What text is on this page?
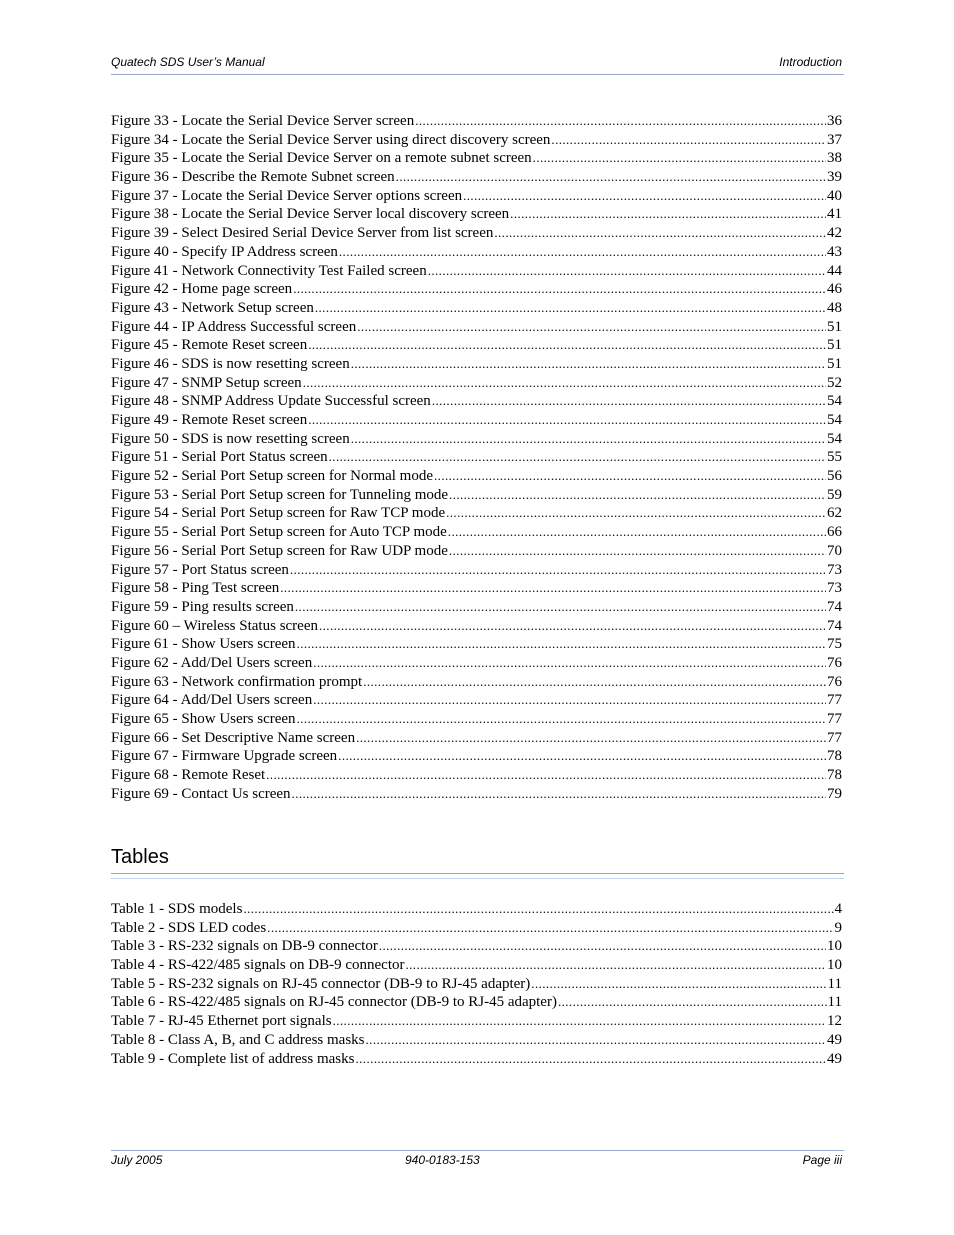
Quatech SDS User’s Manual	Introduction
Figure 33 - Locate the Serial Device Server screen .....	36
Figure 34 - Locate the Serial Device Server using direct discovery screen .....	37
Figure 35 - Locate the Serial Device Server on a remote subnet screen .....	38
Figure 36 - Describe the Remote Subnet screen .....	39
Figure 37 - Locate the Serial Device Server options screen .....	40
Figure 38 - Locate the Serial Device Server local discovery screen .....	41
Figure 39 - Select Desired Serial Device Server from list screen .....	42
Figure 40 - Specify IP Address screen .....	43
Figure 41 - Network Connectivity Test Failed screen .....	44
Figure 42 - Home page screen .....	46
Figure 43 - Network Setup screen .....	48
Figure 44 - IP Address Successful screen .....	51
Figure 45 - Remote Reset screen .....	51
Figure 46 - SDS is now resetting screen .....	51
Figure 47 - SNMP Setup screen .....	52
Figure 48 - SNMP Address Update Successful screen .....	54
Figure 49 - Remote Reset screen .....	54
Figure 50 - SDS is now resetting screen .....	54
Figure 51 - Serial Port Status screen .....	55
Figure 52 - Serial Port Setup screen for Normal mode .....	56
Figure 53 - Serial Port Setup screen for Tunneling mode .....	59
Figure 54 - Serial Port Setup screen for Raw TCP mode .....	62
Figure 55 - Serial Port Setup screen for Auto TCP mode .....	66
Figure 56 - Serial Port Setup screen for Raw UDP mode .....	70
Figure 57 - Port Status screen .....	73
Figure 58 - Ping Test screen .....	73
Figure 59 - Ping results screen .....	74
Figure 60 – Wireless Status screen .....	74
Figure 61 - Show Users screen .....	75
Figure 62 - Add/Del Users screen .....	76
Figure 63 - Network confirmation prompt .....	76
Figure 64 - Add/Del Users screen .....	77
Figure 65 - Show Users screen .....	77
Figure 66 - Set Descriptive Name screen .....	77
Figure 67 - Firmware Upgrade screen .....	78
Figure 68 - Remote Reset .....	78
Figure 69 - Contact Us screen .....	79
Tables
Table 1 - SDS models .....	4
Table 2 - SDS LED codes .....	9
Table 3 - RS-232 signals on DB-9 connector .....	10
Table 4 - RS-422/485 signals on DB-9 connector .....	10
Table 5 - RS-232 signals on RJ-45 connector (DB-9 to RJ-45 adapter) .....	11
Table 6 - RS-422/485 signals on RJ-45 connector (DB-9 to RJ-45 adapter) .....	11
Table 7 - RJ-45 Ethernet port signals .....	12
Table 8 - Class A, B, and C address masks .....	49
Table 9 - Complete list of address masks .....	49
July 2005	940-0183-153	Page iii
